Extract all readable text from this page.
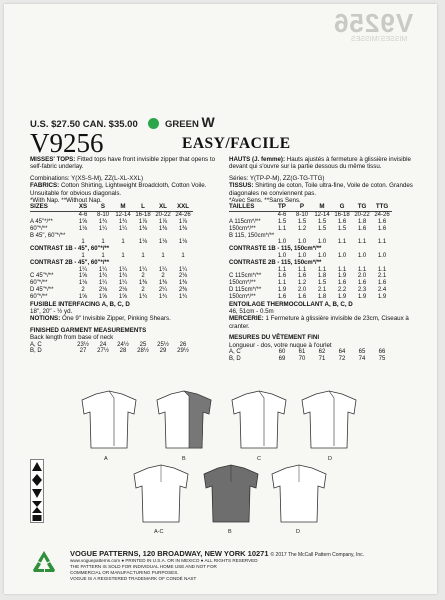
V9256
MISSES'/MISSES
U.S. $27.50 CAN. $35.00	GREEN W
V9256	EASY/FACILE

MISSES' TOPS: Fitted tops have front invisible zipper that opens to self-fabric underlay.

Combinations: Y(XS-S-M), ZZ(L-XL-XXL)

FABRICS: Cotton Shirting, Lightweight Broadcloth, Cotton Voile. Unsuitable for obvious diagonals.

*With Nap. **Without Nap.

SIZES	XS	S	M	L	XL	XXL
	4-6	8-10	12-14	16-18	20-22	24-26
A 45"*/**	1⅝	1¾	1¾	1⅞	1⅞	1⅞
60"*/**	1⅛	1¼	1¼	1⅜	1⅜	1⅜
B 45", 60"*/**						
	1	1	1	1⅛	1⅛	1⅛
CONTRAST 1B - 45", 60"*/**						
	1	1	1	1	1	1
CONTRAST 2B - 45", 60"*/**						
	1¼	1¼	1¼	1¼	1¼	1¼
C 45"*/**	1⅝	1¾	1¾	2	2	2⅛
60"*/**	1⅛	1¼	1¼	1⅜	1⅜	1⅜
D 45"*/**	2	2⅛	2⅛	2	2¼	2⅜
60"*/**	1⅝	1⅝	1⅝	1¾	1¾	1¾

FUSIBLE INTERFACING A, B, C, D

18", 20" - ½ yd.

NOTIONS: One 9" Invisible Zipper, Pinking Shears.

FINISHED GARMENT MEASUREMENTS

Back length from base of neck

A, C	23½	24	24½	25	25½	26
B, D	27	27½	28	28½	29	29½

HAUTS (J. femme): Hauts ajustés à fermeture à glissière invisible devant qui s'ouvre sur la partie dessous du même tissu.

Séries: Y(TP-P-M), ZZ(G-TG-TTG)

TISSUS: Shirting de coton, Toile ultra-fine, Voile de coton. Grandes diagonales ne conviennent pas.

*Avec Sens. **Sans Sens.

TAILLES	TP	P	M	G	TG	TTG
	4-6	8-10	12-14	16-18	20-22	24-26
A 115cm*/**	1.5	1.5	1.5	1.6	1.8	1.6
150cm*/**	1.1	1.2	1.5	1.5	1.6	1.6
B 115, 150cm*/**						
	1.0	1.0	1.0	1.1	1.1	1.1
CONTRASTE 1B - 115, 150cm*/**						
	1.0	1.0	1.0	1.0	1.0	1.0
CONTRASTE 2B - 115, 150cm*/**						
	1.1	1.1	1.1	1.1	1.1	1.1
C 115cm*/**	1.6	1.6	1.8	1.9	2.0	2.1
150cm*/**	1.1	1.2	1.5	1.6	1.6	1.6
D 115cm*/**	1.9	2.0	2.1	2.2	2.3	2.4
150cm*/**	1.6	1.6	1.8	1.9	1.9	1.9

ENTOILAGE THERMOCOLLANT A, B, C, D

46, 51cm - 0.5m

MERCERIE: 1 Fermeture à glissière invisible de 23cm, Ciseaux à cranter.

MESURES DU VÊTEMENT FINI

Longueur - dos, votre nuque à l'ourlet

A, C	60	61	62	64	65	66
B, D	69	70	71	72	74	75
A	B	C	D
A-C	B	D
VOGUE PATTERNS, 120 BROADWAY, NEW YORK 10271 © 2017 The McCall Pattern Company, Inc.
www.voguepatterns.com ● PRINTED IN U.S.A. OR IN MEXICO ● ALL RIGHTS RESERVED
THE PATTERN IS SOLD FOR INDIVIDUAL HOME USE AND NOT FOR
COMMERCIAL OR MANUFACTURING PURPOSES.
VOGUE IS A REGISTERED TRADEMARK OF CONDÉ NAST
